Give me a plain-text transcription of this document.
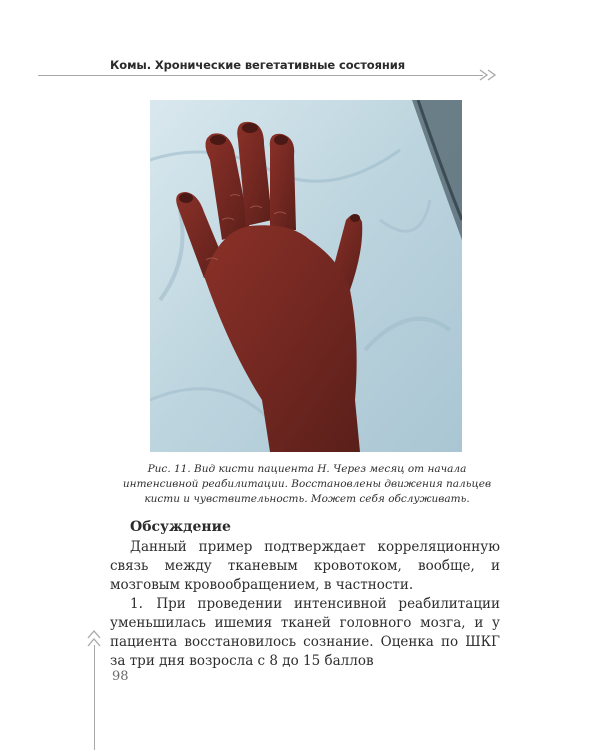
Комы. Хронические вегетативные состояния
Рис. 11. Вид кисти пациента Н. Через месяц от начала интенсивной реабилитации. Восстановлены движения пальцев кисти и чувствительность. Может себя обслуживать.
Обсуждение

Данный пример подтверждает корреляционную связь между тканевым кровотоком, вообще, и мозговым кровообращением, в частности.

1. При проведении интенсивной реабилитации уменьшилась ишемия тканей головного мозга, и у пациента восстановилось сознание. Оценка по ШКГ за три дня возросла с 8 до 15 баллов

98
